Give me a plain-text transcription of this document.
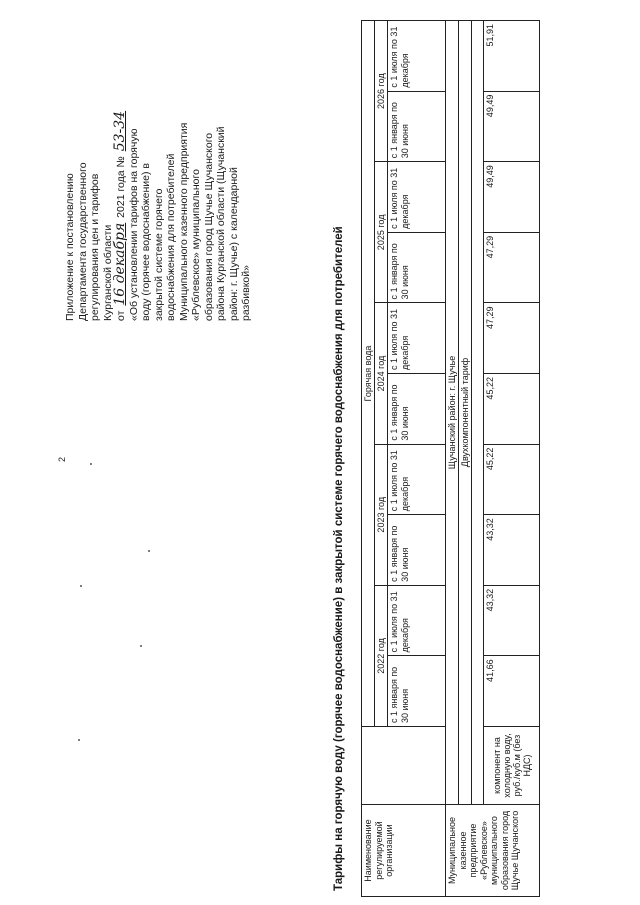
2
Приложение к постановлению Департамента государственного регулирования цен и тарифов Курганской области от 16 декабря 2021 года № 53-34 «Об установлении тарифов на горячую воду (горячее водоснабжение) в закрытой системе горячего водоснабжения для потребителей Муниципального казенного предприятия «Рублевское» муниципального образования город Щучье Щучанского района Курганской области (Щучанский район: г. Щучье) с календарной разбивкой»	Тарифы на горячую воду (горячее водоснабжение) в закрытой системе горячего водоснабжения для потребителей Наименование регулируемой организации		Горячая вода									
		2022 год		2023 год		2024 год		2025 год		2026 год	
		с 1 января по 30 июня	с 1 июля по 31 декабря	с 1 января по 30 июня	с 1 июля по 31 декабря	с 1 января по 30 июня	с 1 июля по 31 декабря	с 1 января по 30 июня	с 1 июля по 31 декабря	с 1 января по 30 июня	с 1 июля по 31 декабря
Муниципальное казенное предприятие «Рублевское» муниципального образования город Щучье Щучанского	Щучанский район: г. Щучье										
	Двухкомпонентный тариф										

	компонент на холодную воду, руб./куб.м (без НДС)	41,66	43,32	43,32	45,22	45,22	47,29	47,29	49,49	49,49	51,91
